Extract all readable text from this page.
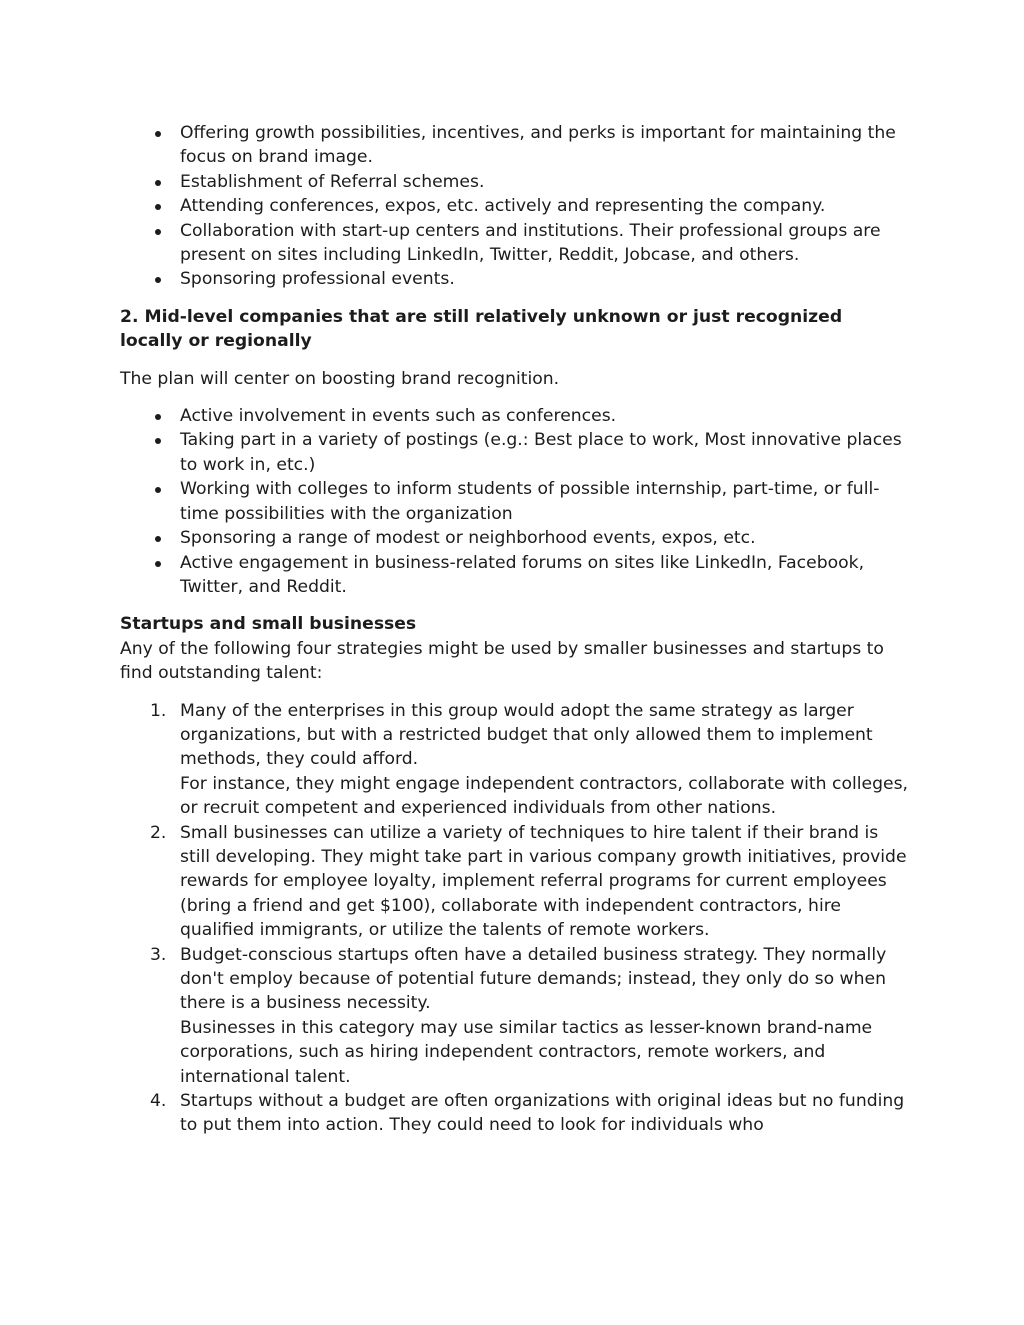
Offering growth possibilities, incentives, and perks is important for maintaining the focus on brand image.
Establishment of Referral schemes.
Attending conferences, expos, etc. actively and representing the company.
Collaboration with start-up centers and institutions. Their professional groups are present on sites including LinkedIn, Twitter, Reddit, Jobcase, and others.
Sponsoring professional events.

2. Mid-level companies that are still relatively unknown or just recognized locally or regionally

The plan will center on boosting brand recognition.

Active involvement in events such as conferences.
Taking part in a variety of postings (e.g.: Best place to work, Most innovative places to work in, etc.)
Working with colleges to inform students of possible internship, part-time, or full-time possibilities with the organization
Sponsoring a range of modest or neighborhood events, expos, etc.
Active engagement in business-related forums on sites like LinkedIn, Facebook, Twitter, and Reddit.

Startups and small businesses

Any of the following four strategies might be used by smaller businesses and startups to find outstanding talent:

1. Many of the enterprises in this group would adopt the same strategy as larger organizations, but with a restricted budget that only allowed them to implement methods, they could afford.

For instance, they might engage independent contractors, collaborate with colleges, or recruit competent and experienced individuals from other nations.

2. Small businesses can utilize a variety of techniques to hire talent if their brand is still developing. They might take part in various company growth initiatives, provide rewards for employee loyalty, implement referral programs for current employees (bring a friend and get $100), collaborate with independent contractors, hire qualified immigrants, or utilize the talents of remote workers.

3. Budget-conscious startups often have a detailed business strategy. They normally don't employ because of potential future demands; instead, they only do so when there is a business necessity.

Businesses in this category may use similar tactics as lesser-known brand-name corporations, such as hiring independent contractors, remote workers, and international talent.

4. Startups without a budget are often organizations with original ideas but no funding to put them into action. They could need to look for individuals who
